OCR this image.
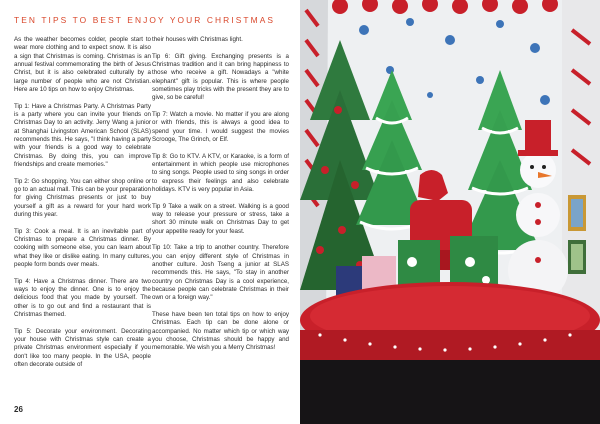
TEN TIPS TO BEST ENJOY YOUR CHRISTMAS

As the weather becomes colder, people start to wear more clothing and to expect snow. It is also a sign that Christmas is coming. Christmas is an annual festival commemorating the birth of Jesus Christ, but it is also celebrated culturally by a large number of people who are not Christian. Here are 10 tips on how to enjoy Christmas.

Tip 1: Have a Christmas Party. A Christmas Party is a party where you can invite your friends on Christmas Day to an activity. Jerry Wang a junior at Shanghai Livingston American School (SLAS) recommends this. He says, "I think having a party with your friends is a good way to celebrate Christmas. By doing this, you can improve friendships and create memories."

Tip 2: Go shopping. You can either shop online or go to an actual mall. This can be your preparation for giving Christmas presents or just to buy yourself a gift as a reward for your hard work during this year.

Tip 3: Cook a meal. It is an inevitable part of Christmas to prepare a Christmas dinner. By cooking with someone else, you can learn about what they like or dislike eating. In many cultures, people form bonds over meals.

Tip 4: Have a Christmas dinner. There are two ways to enjoy the dinner. One is to enjoy the delicious food that you made by yourself. The other is to go out and find a restaurant that is Christmas themed.

Tip 5: Decorate your environment. Decorating your house with Christmas style can create a private Christmas environment especially if you don't like too many people. In the USA, people often decorate outside of

their houses with Christmas light.

Tip 6: Gift giving. Exchanging presents is a Christmas tradition and it can bring happiness to those who receive a gift. Nowadays a "white elephant" gift is popular. This is where people sometimes play tricks with the present they are to give, so be careful!

Tip 7: Watch a movie. No matter if you are along or with friends, this is always a good idea to spend your time. I would suggest the movies Scrooge, The Grinch, or Elf.

Tip 8: Go to KTV. A KTV, or Karaoke, is a form of entertainment in which people use microphones to sing songs. People used to sing songs in order to express their feelings and also celebrate holidays. KTV is very popular in Asia.

Tip 9 Take a walk on a street. Walking is a good way to release your pressure or stress, take a short 30 minute walk on Christmas Day to get your appetite ready for your feast.

Tip 10: Take a trip to another country. Therefore you can enjoy different style of Christmas in another culture. Josh Tseng a junior at SLAS recommends this. He says, "To stay in another country on Christmas Day is a cool experience, because people can celebrate Christmas in their own or a foreign way."

These have been ten total tips on how to enjoy Christmas. Each tip can be done alone or accompanied. No matter which tip or which way you choose, Christmas should be happy and memorable. We wish you a Merry Christmas!

26
